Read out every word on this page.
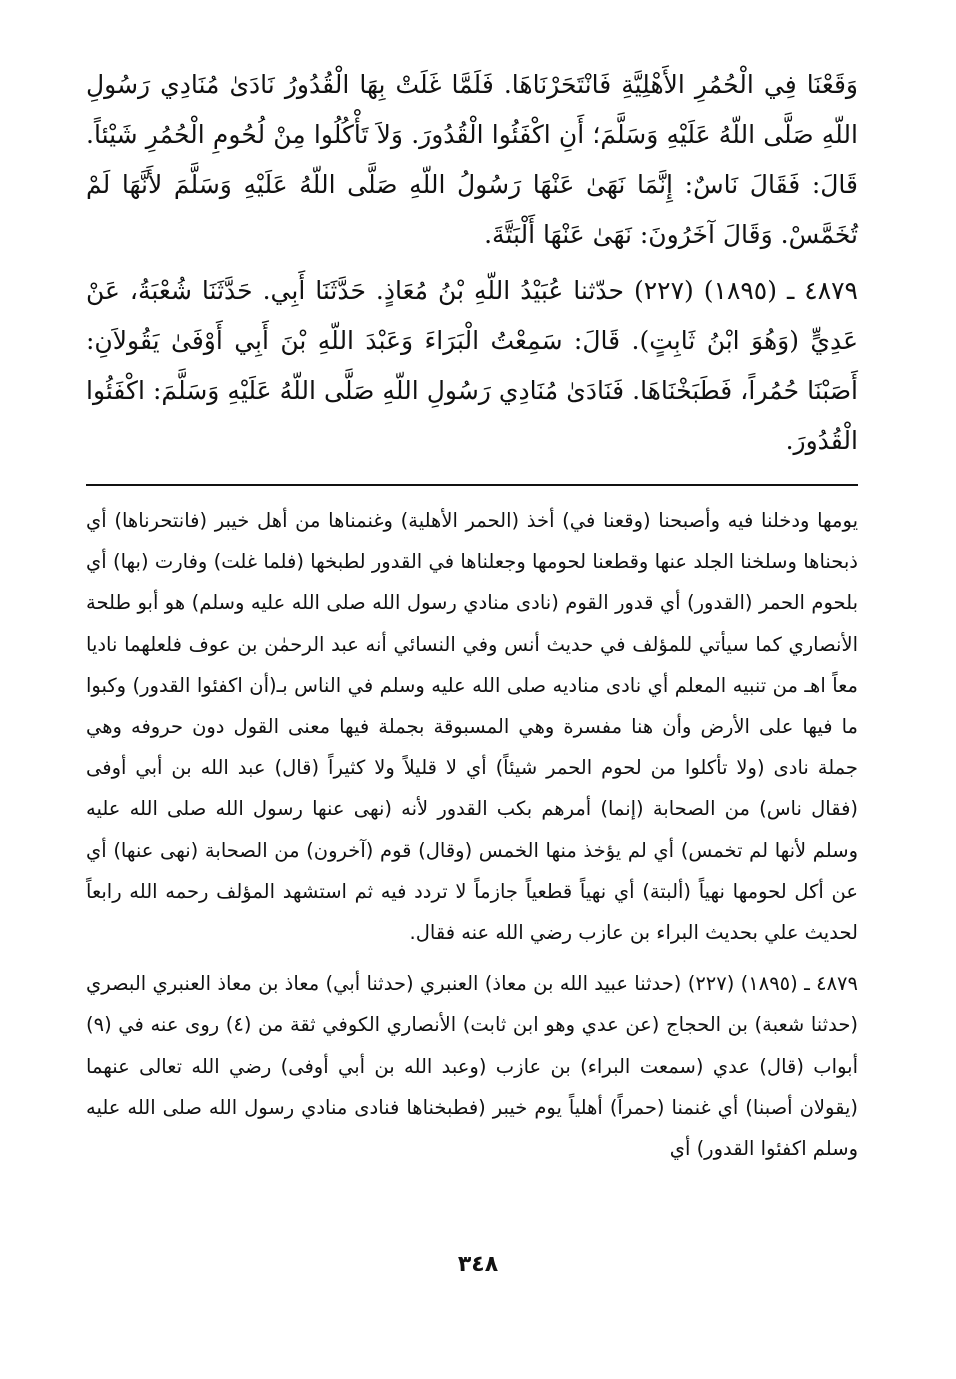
وَقَعْنَا فِي الْحُمُرِ الأَهْلِيَّةِ فَانْتَحَرْنَاهَا. فَلَمَّا غَلَتْ بِهَا الْقُدُورُ نَادَىٰ مُنَادِي رَسُولِ اللّهِ صَلَّى اللّهُ عَلَيْهِ وَسَلَّمَ؛ أَنِ اكْفَئُوا الْقُدُورَ. وَلاَ تَأْكُلُوا مِنْ لُحُومِ الْحُمُرِ شَيْئاً. قَالَ: فَقَالَ نَاسٌ: إِنَّمَا نَهَىٰ عَنْهَا رَسُولُ اللّهِ صَلَّى اللّهُ عَلَيْهِ وَسَلَّمَ لأَنَّهَا لَمْ تُخَمَّسْ. وَقَالَ آخَرُونَ: نَهَىٰ عَنْهَا أَلْبَتَّةَ.

٤٨٧٩ ـ (١٨٩٥) (٢٢٧) حدّثنا عُبَيْدُ اللّهِ بْنُ مُعَاذٍ. حَدَّثَنَا أَبِي. حَدَّثَنَا شُعْبَةُ، عَنْ عَدِيٍّ (وَهُوَ ابْنُ ثَابِتٍ). قَالَ: سَمِعْتُ الْبَرَاءَ وَعَبْدَ اللّهِ بْنَ أَبِي أَوْفَىٰ يَقُولاَنِ: أَصَبْنَا حُمُراً، فَطَبَخْنَاهَا. فَنَادَىٰ مُنَادِي رَسُولِ اللّهِ صَلَّى اللّهُ عَلَيْهِ وَسَلَّمَ: اكْفَئُوا الْقُدُورَ.

يومها ودخلنا فيه وأصبحنا (وقعنا في) أخذ (الحمر الأهلية) وغنمناها من أهل خيبر (فانتحرناها) أي ذبحناها وسلخنا الجلد عنها وقطعنا لحومها وجعلناها في القدور لطبخها (فلما غلت) وفارت (بها) أي بلحوم الحمر (القدور) أي قدور القوم (نادى منادي رسول الله صلى الله عليه وسلم) هو أبو طلحة الأنصاري كما سيأتي للمؤلف في حديث أنس وفي النسائي أنه عبد الرحمٰن بن عوف فلعلهما ناديا معاً اهـ من تنبيه المعلم أي نادى مناديه صلى الله عليه وسلم في الناس بـ(أن اكفئوا القدور) وكبوا ما فيها على الأرض وأن هنا مفسرة وهي المسبوقة بجملة فيها معنى القول دون حروفه وهي جملة نادى (ولا تأكلوا من لحوم الحمر شيئاً) أي لا قليلاً ولا كثيراً (قال) عبد الله بن أبي أوفى (فقال ناس) من الصحابة (إنما) أمرهم بكب القدور لأنه (نهى عنها رسول الله صلى الله عليه وسلم لأنها لم تخمس) أي لم يؤخذ منها الخمس (وقال) قوم (آخرون) من الصحابة (نهى عنها) أي عن أكل لحومها نهياً (ألبتة) أي نهياً قطعياً جازماً لا تردد فيه ثم استشهد المؤلف رحمه الله رابعاً لحديث علي بحديث البراء بن عازب رضي الله عنه فقال.

٤٨٧٩ ـ (١٨٩٥) (٢٢٧) (حدثنا عبيد الله بن معاذ) العنبري (حدثنا أبي) معاذ بن معاذ العنبري البصري (حدثنا شعبة) بن الحجاج (عن عدي وهو ابن ثابت) الأنصاري الكوفي ثقة من (٤) روى عنه في (٩) أبواب (قال) عدي (سمعت البراء) بن عازب (وعبد الله بن أبي أوفى) رضي الله تعالى عنهما (يقولان أصبنا) أي غنمنا (حمراً) أهلياً يوم خيبر (فطبخناها فنادى منادي رسول الله صلى الله عليه وسلم اكفئوا القدور) أي

٣٤٨
